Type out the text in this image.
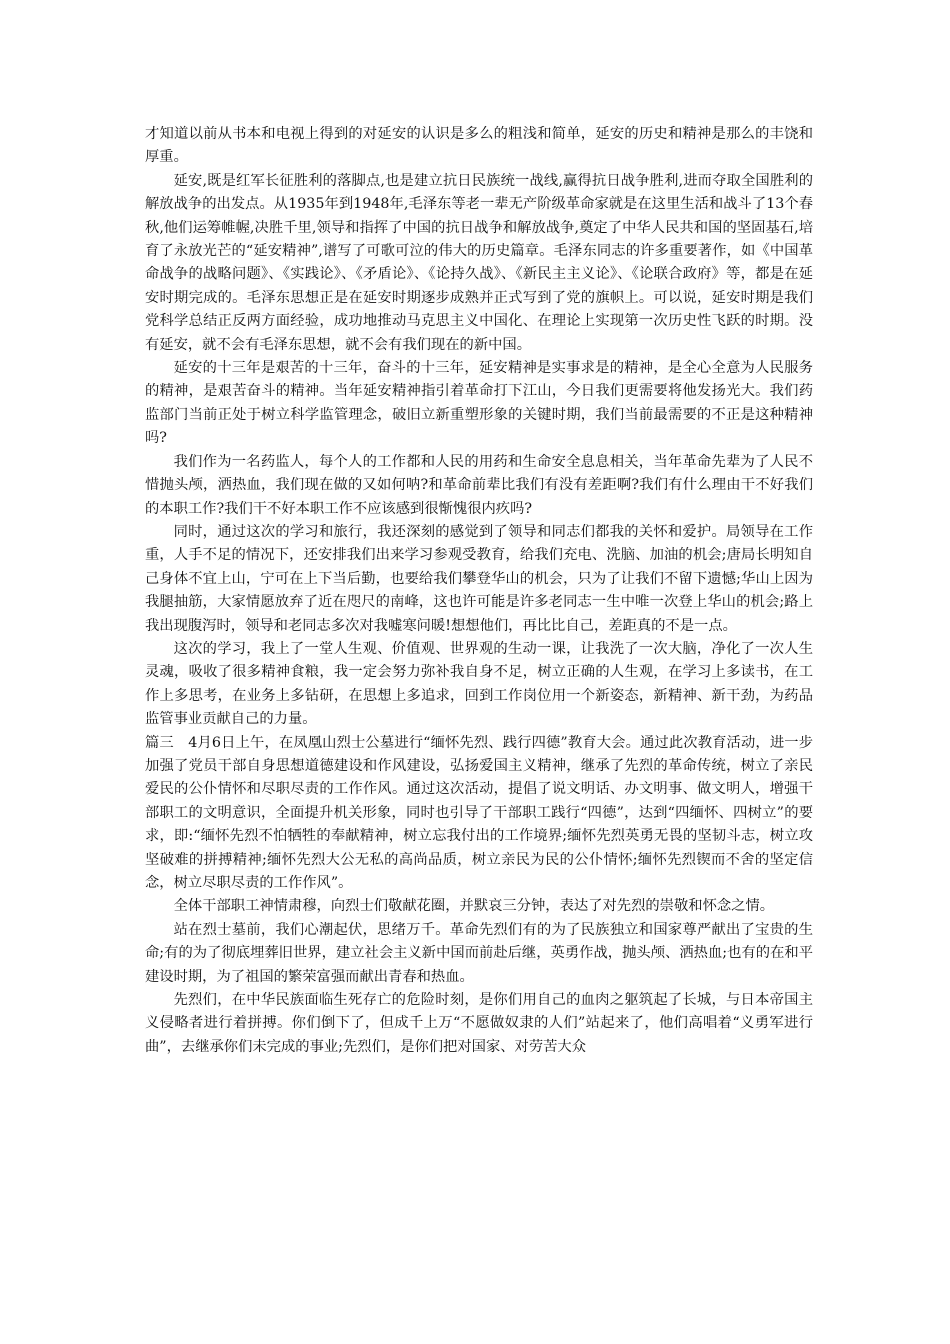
才知道以前从书本和电视上得到的对延安的认识是多么的粗浅和简单，延安的历史和精神是那么的丰饶和厚重。

延安,既是红军长征胜利的落脚点,也是建立抗日民族统一战线,赢得抗日战争胜利,进而夺取全国胜利的解放战争的出发点。从1935年到1948年,毛泽东等老一辈无产阶级革命家就是在这里生活和战斗了13个春秋,他们运筹帷幄,决胜千里,领导和指挥了中国的抗日战争和解放战争,奠定了中华人民共和国的坚固基石,培育了永放光芒的“延安精神”,谱写了可歌可泣的伟大的历史篇章。毛泽东同志的许多重要著作，如《中国革命战争的战略问题》、《实践论》、《矛盾论》、《论持久战》、《新民主主义论》、《论联合政府》等，都是在延安时期完成的。毛泽东思想正是在延安时期逐步成熟并正式写到了党的旗帜上。可以说，延安时期是我们党科学总结正反两方面经验，成功地推动马克思主义中国化、在理论上实现第一次历史性飞跃的时期。没有延安，就不会有毛泽东思想，就不会有我们现在的新中国。

延安的十三年是艰苦的十三年，奋斗的十三年，延安精神是实事求是的精神，是全心全意为人民服务的精神，是艰苦奋斗的精神。当年延安精神指引着革命打下江山，今日我们更需要将他发扬光大。我们药监部门当前正处于树立科学监管理念，破旧立新重塑形象的关键时期，我们当前最需要的不正是这种精神吗?

我们作为一名药监人，每个人的工作都和人民的用药和生命安全息息相关，当年革命先辈为了人民不惜抛头颅，洒热血，我们现在做的又如何呐?和革命前辈比我们有没有差距啊?我们有什么理由干不好我们的本职工作?我们干不好本职工作不应该感到很惭愧很内疚吗?

同时，通过这次的学习和旅行，我还深刻的感觉到了领导和同志们都我的关怀和爱护。局领导在工作重，人手不足的情况下，还安排我们出来学习参观受教育，给我们充电、洗脑、加油的机会;唐局长明知自己身体不宜上山，宁可在上下当后勤，也要给我们攀登华山的机会，只为了让我们不留下遗憾;华山上因为我腿抽筋，大家情愿放弃了近在咫尺的南峰，这也许可能是许多老同志一生中唯一次登上华山的机会;路上我出现腹泻时，领导和老同志多次对我嘘寒问暖!想想他们，再比比自己，差距真的不是一点。

这次的学习，我上了一堂人生观、价值观、世界观的生动一课，让我洗了一次大脑，净化了一次人生灵魂，吸收了很多精神食粮，我一定会努力弥补我自身不足，树立正确的人生观，在学习上多读书，在工作上多思考，在业务上多钻研，在思想上多追求，回到工作岗位用一个新姿态，新精神、新干劲，为药品监管事业贡献自己的力量。

篇三　4月6日上午，在凤凰山烈士公墓进行“缅怀先烈、践行四德”教育大会。通过此次教育活动，进一步加强了党员干部自身思想道德建设和作风建设，弘扬爱国主义精神，继承了先烈的革命传统，树立了亲民爱民的公仆情怀和尽职尽责的工作作风。通过这次活动，提倡了说文明话、办文明事、做文明人，增强干部职工的文明意识，全面提升机关形象，同时也引导了干部职工践行“四德”，达到“四缅怀、四树立”的要求，即:“缅怀先烈不怕牺牲的奉献精神，树立忘我付出的工作境界;缅怀先烈英勇无畏的坚韧斗志，树立攻坚破难的拼搏精神;缅怀先烈大公无私的高尚品质，树立亲民为民的公仆情怀;缅怀先烈锲而不舍的坚定信念，树立尽职尽责的工作作风”。

全体干部职工神情肃穆，向烈士们敬献花圈，并默哀三分钟，表达了对先烈的崇敬和怀念之情。

站在烈士墓前，我们心潮起伏，思绪万千。革命先烈们有的为了民族独立和国家尊严献出了宝贵的生命;有的为了彻底埋葬旧世界，建立社会主义新中国而前赴后继，英勇作战，抛头颅、洒热血;也有的在和平建设时期，为了祖国的繁荣富强而献出青春和热血。

先烈们，在中华民族面临生死存亡的危险时刻，是你们用自己的血肉之躯筑起了长城，与日本帝国主义侵略者进行着拼搏。你们倒下了，但成千上万“不愿做奴隶的人们”站起来了，他们高唱着“义勇军进行曲”，去继承你们未完成的事业;先烈们，是你们把对国家、对劳苦大众
